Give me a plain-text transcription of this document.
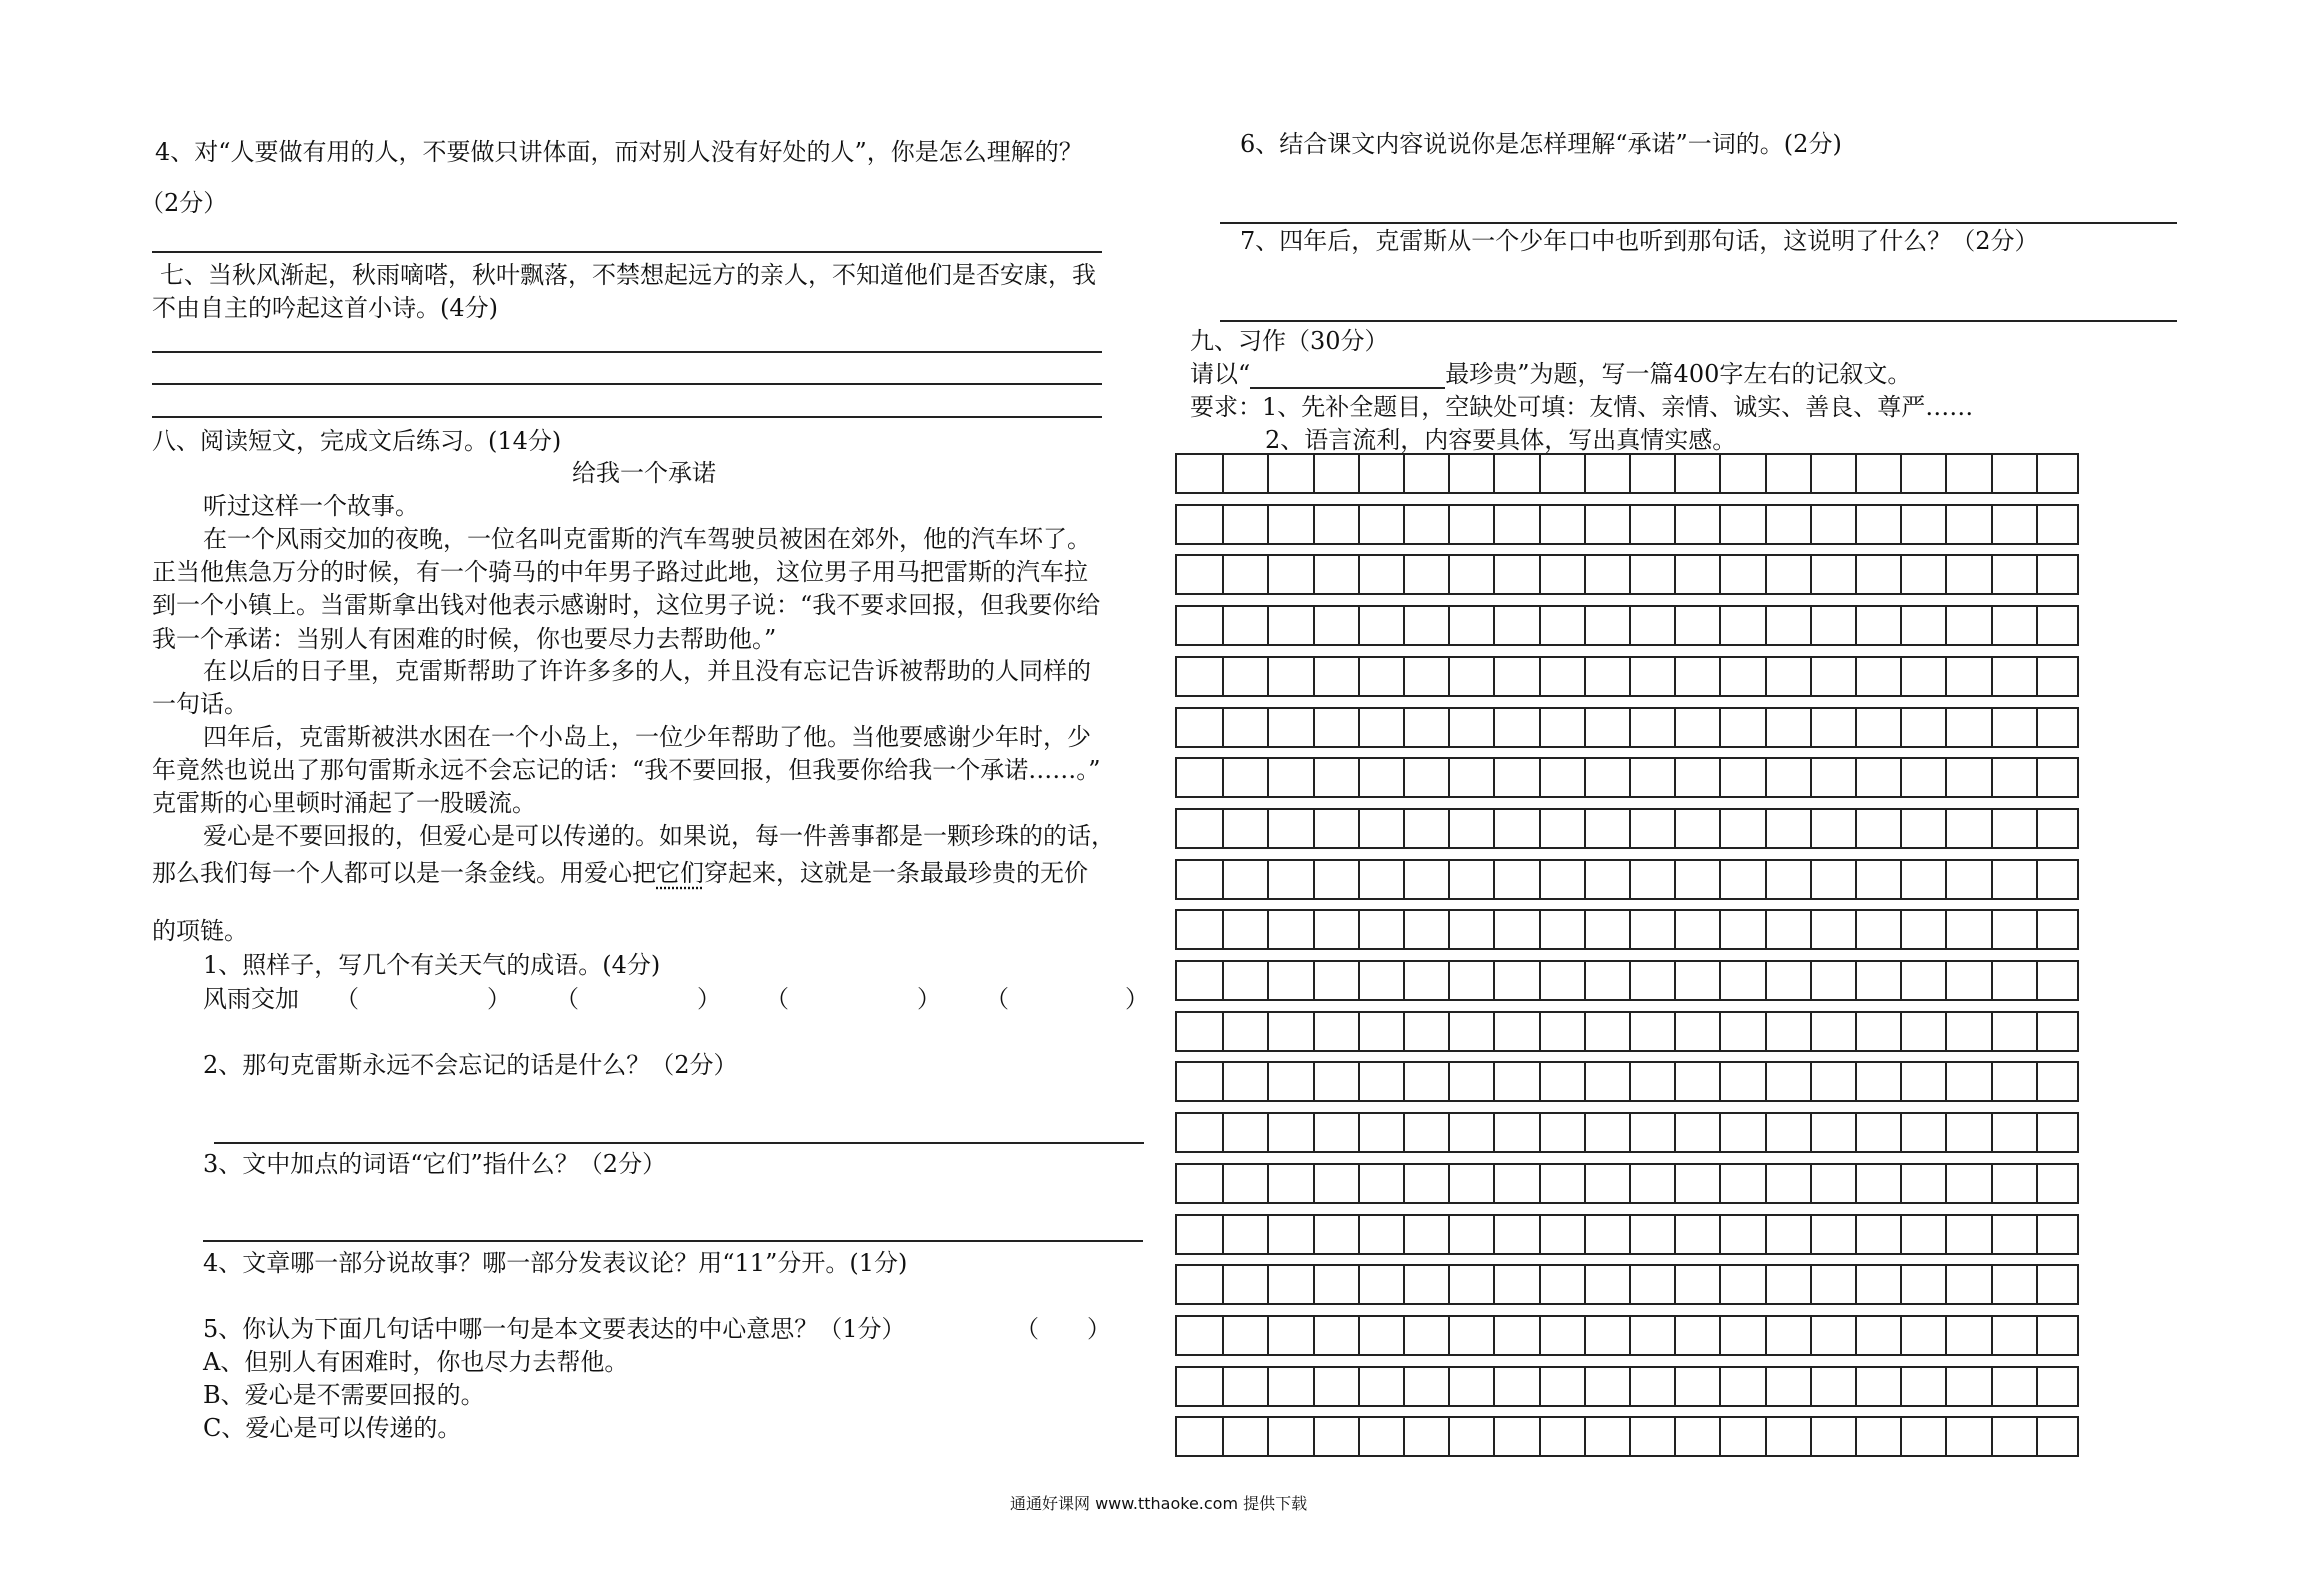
4、对“人要做有用的人，不要做只讲体面，而对别人没有好处的人”，你是怎么理解的？
（2分）
七、当秋风渐起，秋雨嘀嗒，秋叶飘落，不禁想起远方的亲人，不知道他们是否安康，我
不由自主的吟起这首小诗。(4分)
八、阅读短文，完成文后练习。(14分)
给我一个承诺
听过这样一个故事。
在一个风雨交加的夜晚，一位名叫克雷斯的汽车驾驶员被困在郊外，他的汽车坏了。
正当他焦急万分的时候，有一个骑马的中年男子路过此地，这位男子用马把雷斯的汽车拉
到一个小镇上。当雷斯拿出钱对他表示感谢时，这位男子说：“我不要求回报，但我要你给
我一个承诺：当别人有困难的时候，你也要尽力去帮助他。”
在以后的日子里，克雷斯帮助了许许多多的人，并且没有忘记告诉被帮助的人同样的
一句话。
四年后，克雷斯被洪水困在一个小岛上，一位少年帮助了他。当他要感谢少年时，少
年竟然也说出了那句雷斯永远不会忘记的话：“我不要回报，但我要你给我一个承诺……。”
克雷斯的心里顿时涌起了一股暖流。
爱心是不要回报的，但爱心是可以传递的。如果说，每一件善事都是一颗珍珠的的话，
那么我们每一个人都可以是一条金线。用爱心把它们穿起来，这就是一条最最珍贵的无价
的项链。
1、照样子，写几个有关天气的成语。(4分)
风雨交加 （	） （	） （	） （	）
2、那句克雷斯永远不会忘记的话是什么？（2分）
3、文中加点的词语“它们”指什么？（2分）
4、文章哪一部分说故事？哪一部分发表议论？用“11”分开。(1分)
5、你认为下面几句话中哪一句是本文要表达的中心意思？（1分）	（　　）
A、但别人有困难时，你也尽力去帮他。
B、爱心是不需要回报的。
C、爱心是可以传递的。
6、结合课文内容说说你是怎样理解“承诺”一词的。(2分)
7、四年后，克雷斯从一个少年口中也听到那句话，这说明了什么？（2分）
九、习作（30分）
请以“	最珍贵”为题，写一篇400字左右的记叙文。
要求：1、先补全题目，空缺处可填：友情、亲情、诚实、善良、尊严……
2、语言流利，内容要具体，写出真情实感。
通通好课网 www.tthaoke.com 提供下载
